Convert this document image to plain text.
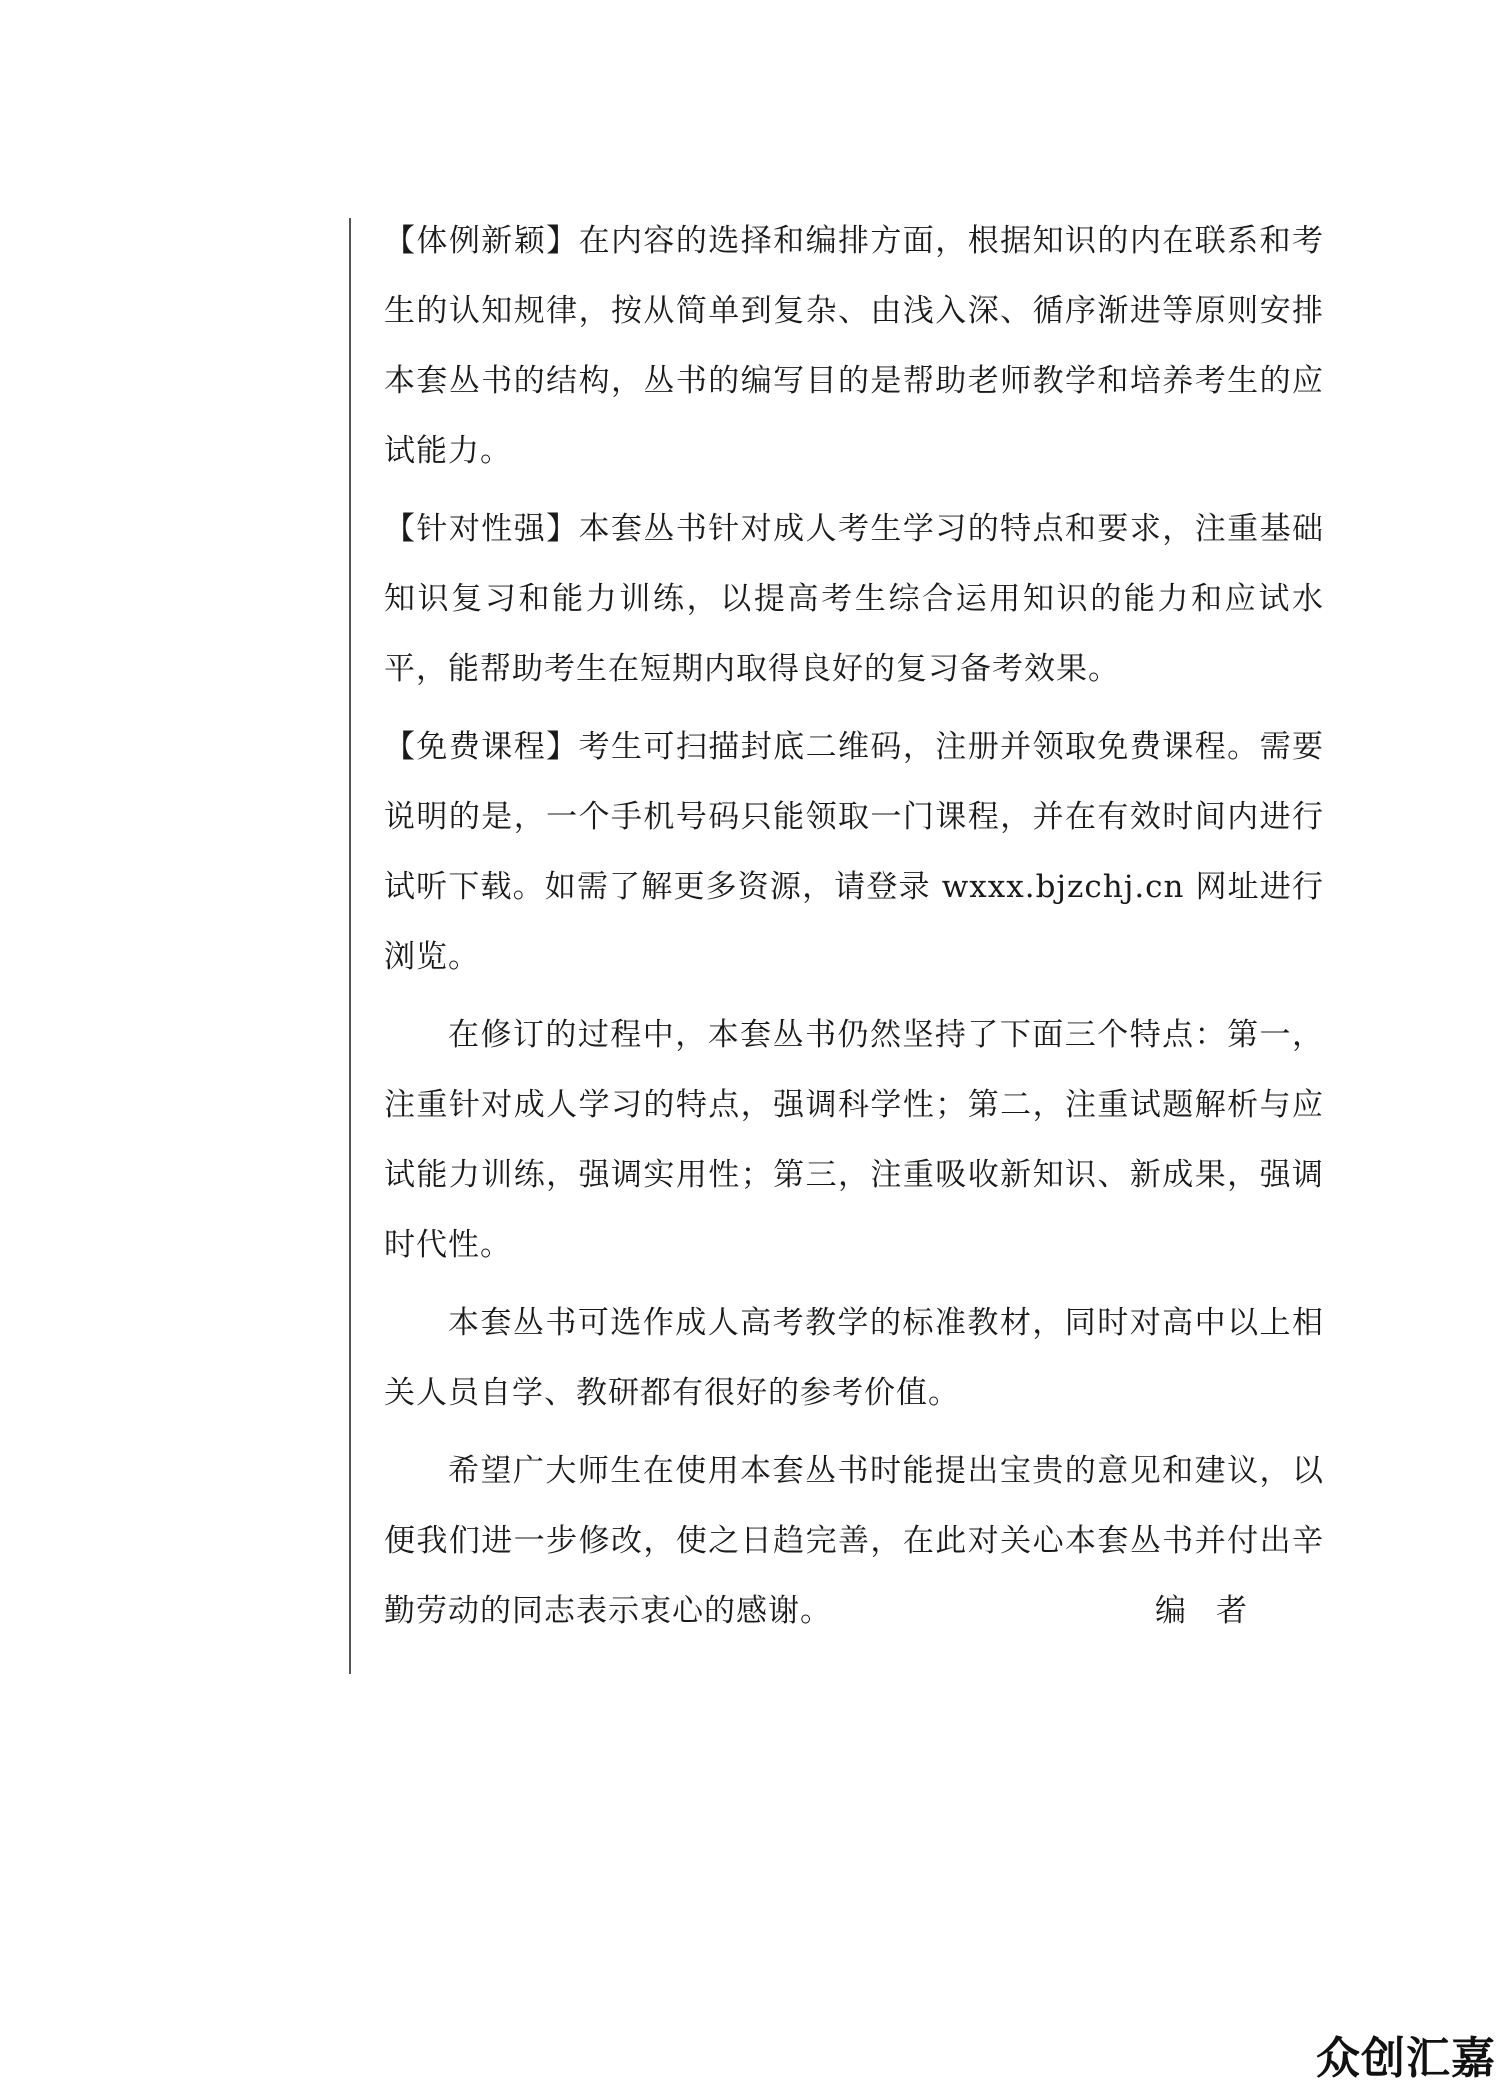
【体例新颖】在内容的选择和编排方面，根据知识的内在联系和考生的认知规律，按从简单到复杂、由浅入深、循序渐进等原则安排本套丛书的结构，丛书的编写目的是帮助老师教学和培养考生的应试能力。

【针对性强】本套丛书针对成人考生学习的特点和要求，注重基础知识复习和能力训练，以提高考生综合运用知识的能力和应试水平，能帮助考生在短期内取得良好的复习备考效果。

【免费课程】考生可扫描封底二维码，注册并领取免费课程。需要说明的是，一个手机号码只能领取一门课程，并在有效时间内进行试听下载。如需了解更多资源，请登录 wxxx.bjzchj.cn 网址进行浏览。

在修订的过程中，本套丛书仍然坚持了下面三个特点：第一，注重针对成人学习的特点，强调科学性；第二，注重试题解析与应试能力训练，强调实用性；第三，注重吸收新知识、新成果，强调时代性。

本套丛书可选作成人高考教学的标准教材，同时对高中以上相关人员自学、教研都有很好的参考价值。

希望广大师生在使用本套丛书时能提出宝贵的意见和建议，以便我们进一步修改，使之日趋完善，在此对关心本套丛书并付出辛勤劳动的同志表示衷心的感谢。	编者
众创汇嘉
